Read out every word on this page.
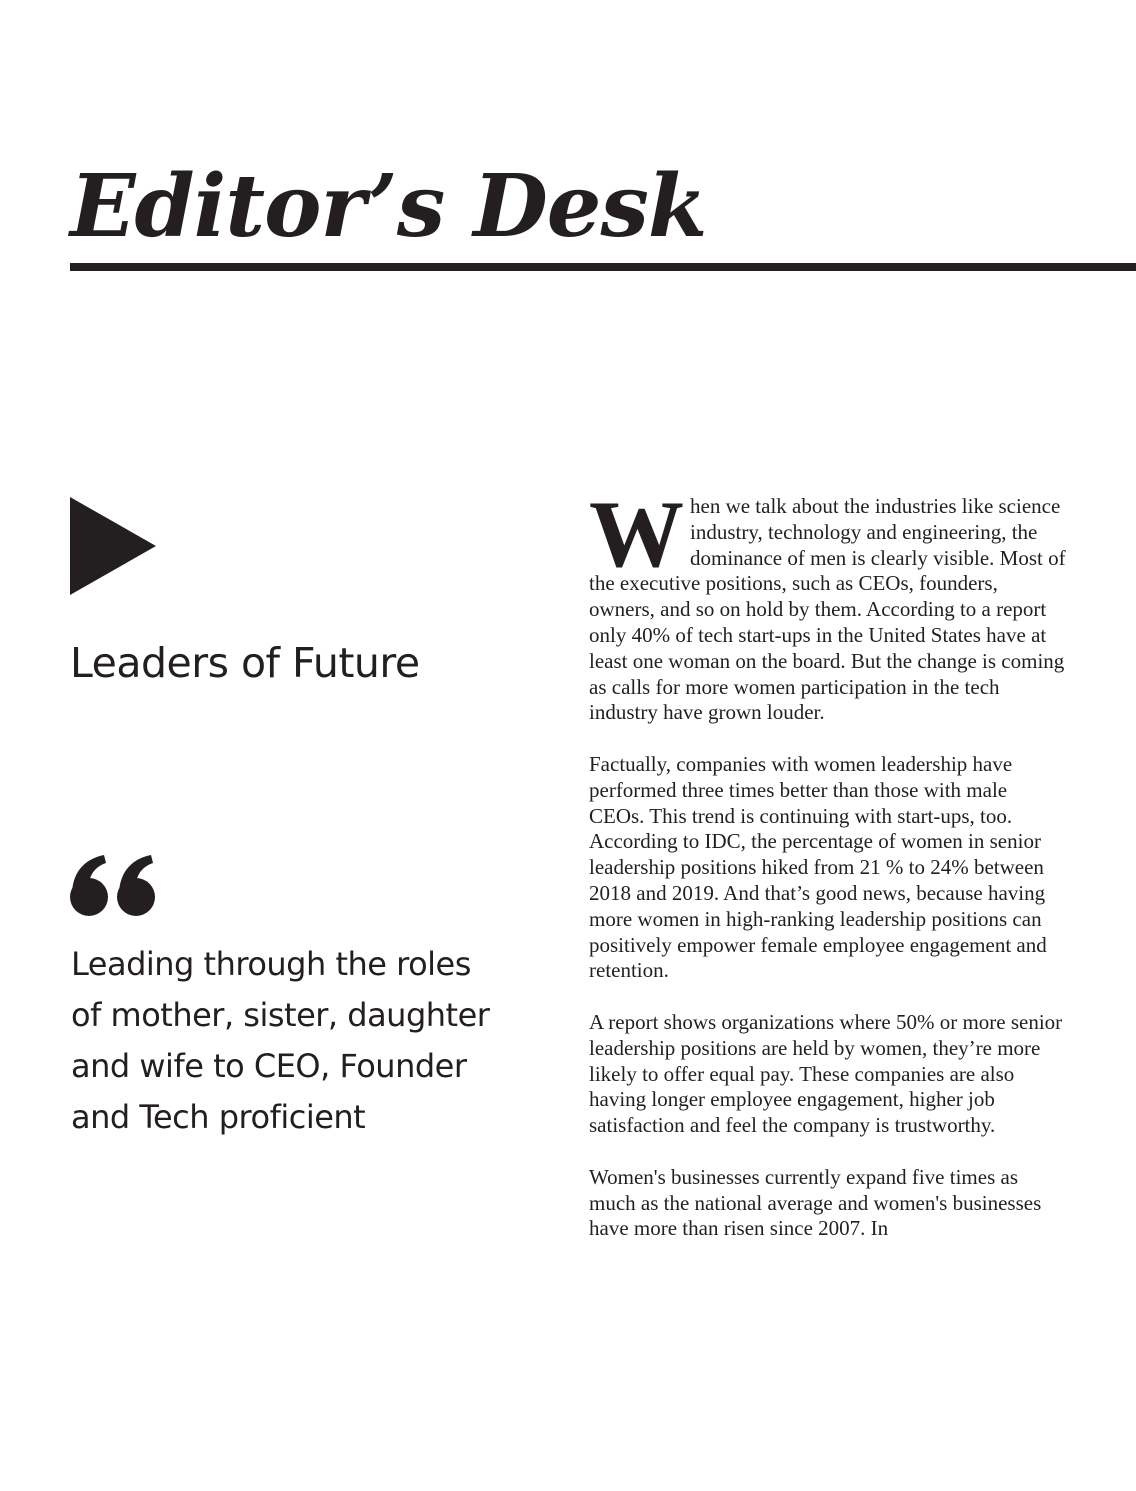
Editor’s Desk
Leaders of Future

Leading through the roles of mother, sister, daughter and wife to CEO, Founder and Tech proficient

When we talk about the industries like science industry, technology and engineering, the dominance of men is clearly visible. Most of the executive positions, such as CEOs, founders, owners, and so on hold by them. According to a report only 40% of tech start-ups in the United States have at least one woman on the board. But the change is coming as calls for more women participation in the tech industry have grown louder.

Factually, companies with women leadership have performed three times better than those with male CEOs. This trend is continuing with start-ups, too. According to IDC, the percentage of women in senior leadership positions hiked from 21 % to 24% between 2018 and 2019. And that’s good news, because having more women in high-ranking leadership positions can positively empower female employee engagement and retention.

A report shows organizations where 50% or more senior leadership positions are held by women, they’re more likely to offer equal pay. These companies are also having longer employee engagement, higher job satisfaction and feel the company is trustworthy.

Women's businesses currently expand five times as much as the national average and women's businesses have more than risen since 2007. In
